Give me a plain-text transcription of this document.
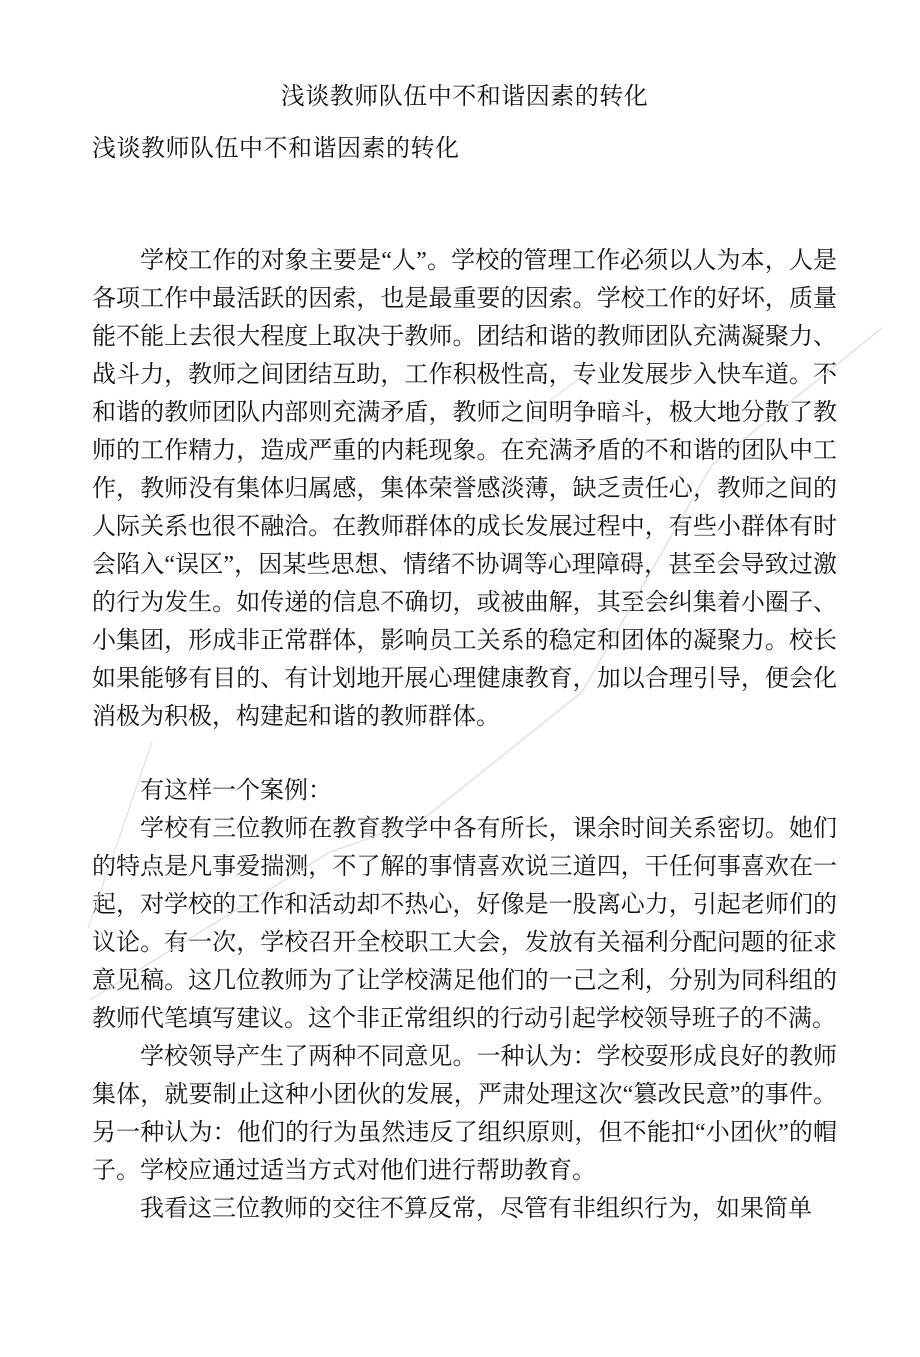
浅谈教师队伍中不和谐因素的转化
浅谈教师队伍中不和谐因素的转化

学校工作的对象主要是“人”。学校的管理工作必须以人为本，人是各项工作中最活跃的因索，也是最重要的因索。学校工作的好坏，质量能不能上去很大程度上取决于教师。团结和谐的教师团队充满凝聚力、战斗力，教师之间团结互助，工作积极性高，专业发展步入快车道。不和谐的教师团队内部则充满矛盾，教师之间明争暗斗，极大地分散了教师的工作精力，造成严重的内耗现象。在充满矛盾的不和谐的团队中工作，教师没有集体归属感，集体荣誉感淡薄，缺乏责任心，教师之间的人际关系也很不融洽。在教师群体的成长发展过程中，有些小群体有时会陷入“误区”，因某些思想、情绪不协调等心理障碍，甚至会导致过激的行为发生。如传递的信息不确切，或被曲解，其至会纠集着小圈子、小集团，形成非正常群体，影响员工关系的稳定和团体的凝聚力。校长如果能够有目的、有计划地开展心理健康教育，加以合理引导，便会化消极为积极，构建起和谐的教师群体。

有这样一个案例：

学校有三位教师在教育教学中各有所长，课余时间关系密切。她们的特点是凡事爱揣测，不了解的事情喜欢说三道四，干任何事喜欢在一起，对学校的工作和活动却不热心，好像是一股离心力，引起老师们的议论。有一次，学校召开全校职工大会，发放有关福利分配问题的征求意见稿。这几位教师为了让学校满足他们的一己之利，分别为同科组的教师代笔填写建议。这个非正常组织的行动引起学校领导班子的不满。

学校领导产生了两种不同意见。一种认为：学校耍形成良好的教师集体，就要制止这种小团伙的发展，严肃处理这次“篡改民意”的事件。另一种认为：他们的行为虽然违反了组织原则，但不能扣“小团伙”的帽子。学校应通过适当方式对他们进行帮助教育。

我看这三位教师的交往不算反常，尽管有非组织行为，如果简单
